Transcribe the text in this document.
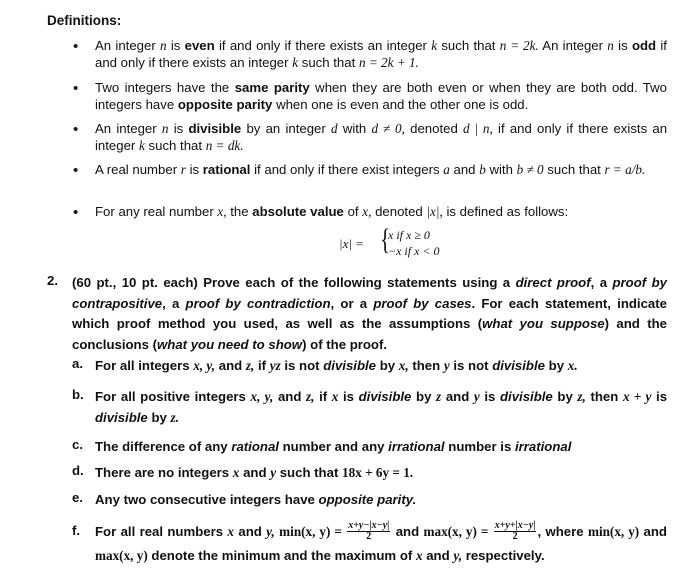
Definitions:
• An integer n is even if and only if there exists an integer k such that n = 2k. An integer n is odd if and only if there exists an integer k such that n = 2k + 1.
• Two integers have the same parity when they are both even or when they are both odd. Two integers have opposite parity when one is even and the other one is odd.
• An integer n is divisible by an integer d with d ≠ 0, denoted d | n, if and only if there exists an integer k such that n = dk.
• A real number r is rational if and only if there exist integers a and b with b ≠ 0 such that r = a/b.
• For any real number x, the absolute value of x, denoted |x|, is defined as follows:
|x| = {
x if x ≥ 0
−x if x < 0
2. (60 pt., 10 pt. each) Prove each of the following statements using a direct proof, a proof by contrapositive, a proof by contradiction, or a proof by cases. For each statement, indicate which proof method you used, as well as the assumptions (what you suppose) and the conclusions (what you need to show) of the proof.
a. For all integers x, y, and z, if yz is not divisible by x, then y is not divisible by x.
b. For all positive integers x, y, and z, if x is divisible by z and y is divisible by z, then x + y is divisible by z.
c. The difference of any rational number and any irrational number is irrational
d. There are no integers x and y such that 18x + 6y = 1.
e. Any two consecutive integers have opposite parity.
f. For all real numbers x and y, min(x, $y) = \frac{x+y-|x-y|}{2}$ and max(x, $y) = \frac{x+y+|x-y|}{2}$ , where min(x, y) and max(x, y) denote the minimum and the maximum of x and y, respectively.
